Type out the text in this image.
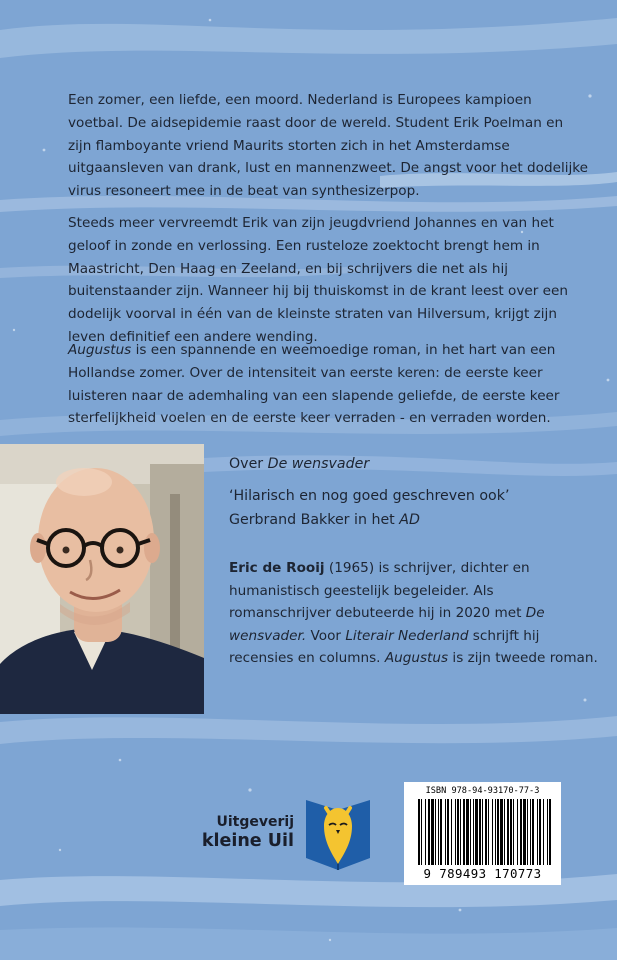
Een zomer, een liefde, een moord. Nederland is Europees kampioen voetbal. De aidsepidemie raast door de wereld. Student Erik Poelman en zijn flamboyante vriend Maurits storten zich in het Amsterdamse uitgaansleven van drank, lust en mannenzweet. De angst voor het dodelijke virus resoneert mee in de beat van synthesizerpop.

Steeds meer vervreemdt Erik van zijn jeugdvriend Johannes en van het geloof in zonde en verlossing. Een rusteloze zoektocht brengt hem in Maastricht, Den Haag en Zeeland, en bij schrijvers die net als hij buitenstaander zijn. Wanneer hij bij thuiskomst in de krant leest over een dodelijk voorval in één van de kleinste straten van Hilversum, krijgt zijn leven definitief een andere wending.

Augustus is een spannende en weemoedige roman, in het hart van een Hollandse zomer. Over de intensiteit van eerste keren: de eerste keer luisteren naar de ademhaling van een slapende geliefde, de eerste keer sterfelijkheid voelen en de eerste keer verraden - en verraden worden.

Over De wensvader
‘Hilarisch en nog goed geschreven ook’
Gerbrand Bakker in het AD
Eric de Rooij (1965) is schrijver, dichter en humanistisch geestelijk begeleider. Als romanschrijver debuteerde hij in 2020 met De wensvader. Voor Literair Nederland schrijft hij recensies en columns. Augustus is zijn tweede roman.
Uitgeverij
kleine Uil
ISBN 978-94-93170-77-3
9 789493 170773
